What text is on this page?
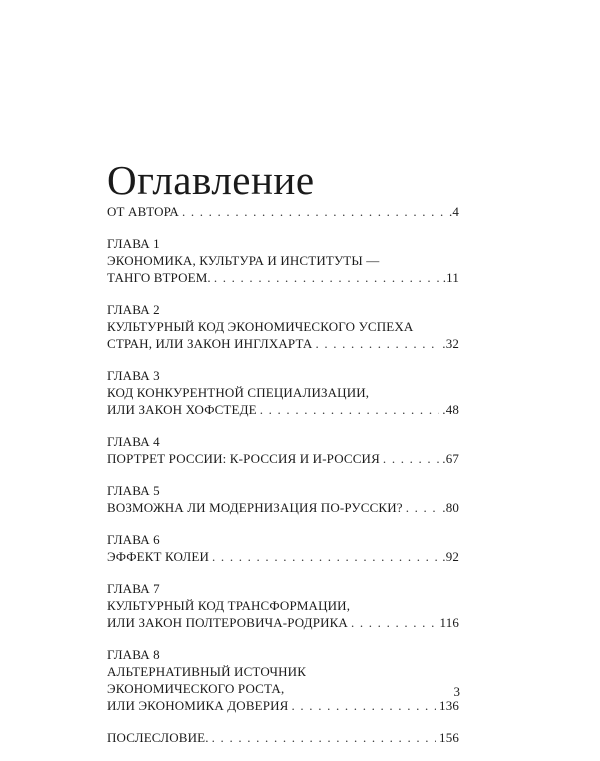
Оглавление
ОТ АВТОРА . . .	.4
ГЛАВА 1
ЭКОНОМИКА, КУЛЬТУРА И ИНСТИТУТЫ —
ТАНГО ВТРОЕМ. . . .	.11
ГЛАВА 2
КУЛЬТУРНЫЙ КОД ЭКОНОМИЧЕСКОГО УСПЕХА
СТРАН, ИЛИ ЗАКОН ИНГЛХАРТА . . .	.32
ГЛАВА 3
КОД КОНКУРЕНТНОЙ СПЕЦИАЛИЗАЦИИ,
ИЛИ ЗАКОН ХОФСТЕДЕ . . .	.48
ГЛАВА 4
ПОРТРЕТ РОССИИ: К-РОССИЯ И И-РОССИЯ . . .	.67
ГЛАВА 5
ВОЗМОЖНА ЛИ МОДЕРНИЗАЦИЯ ПО-РУССКИ? . . .	.80
ГЛАВА 6
ЭФФЕКТ КОЛЕИ . . .	.92
ГЛАВА 7
КУЛЬТУРНЫЙ КОД ТРАНСФОРМАЦИИ,
ИЛИ ЗАКОН ПОЛТЕРОВИЧА-РОДРИКА . . .	116
ГЛАВА 8
АЛЬТЕРНАТИВНЫЙ ИСТОЧНИК
ЭКОНОМИЧЕСКОГО РОСТА,
ИЛИ ЭКОНОМИКА ДОВЕРИЯ . . .	136
ПОСЛЕСЛОВИЕ. . . .	156
3
